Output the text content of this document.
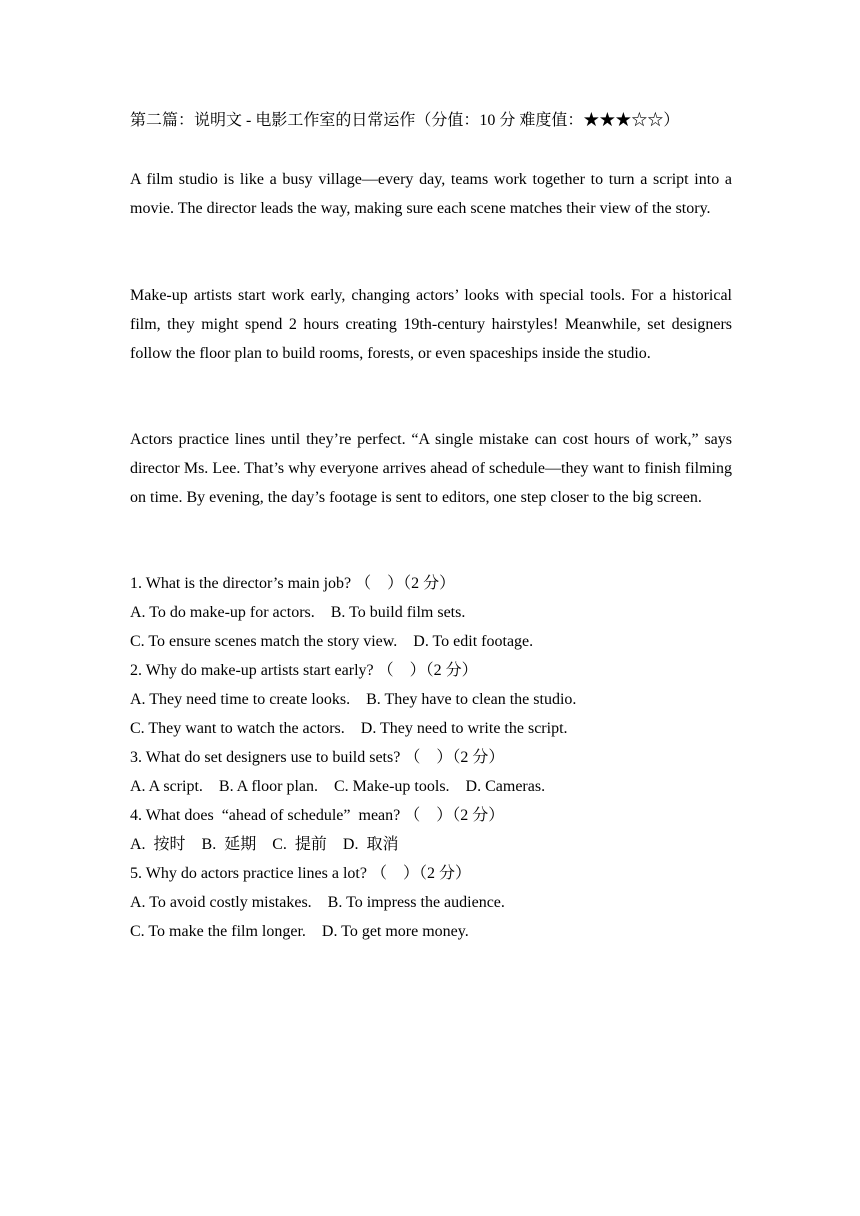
第二篇：说明文 - 电影工作室的日常运作（分值：10 分 难度值：★★★☆☆）

A film studio is like a busy village—every day, teams work together to turn a script into a movie. The director leads the way, making sure each scene matches their view of the story.

Make-up artists start work early, changing actors’ looks with special tools. For a historical film, they might spend 2 hours creating 19th-century hairstyles! Meanwhile, set designers follow the floor plan to build rooms, forests, or even spaceships inside the studio.

Actors practice lines until they’re perfect. “A single mistake can cost hours of work,” says director Ms. Lee. That’s why everyone arrives ahead of schedule—they want to finish filming on time. By evening, the day’s footage is sent to editors, one step closer to the big screen.

1. What is the director’s main job? （　）（2 分）
A. To do make-up for actors.    B. To build film sets.
C. To ensure scenes match the story view.    D. To edit footage.
2. Why do make-up artists start early? （　）（2 分）
A. They need time to create looks.    B. They have to clean the studio.
C. They want to watch the actors.    D. They need to write the script.
3. What do set designers use to build sets? （　）（2 分）
A. A script.    B. A floor plan.    C. Make-up tools.    D. Cameras.
4. What does  “ahead of schedule”  mean? （　）（2 分）
A.  按时    B.  延期    C.  提前    D.  取消
5. Why do actors practice lines a lot? （　）（2 分）
A. To avoid costly mistakes.    B. To impress the audience.
C. To make the film longer.    D. To get more money.
